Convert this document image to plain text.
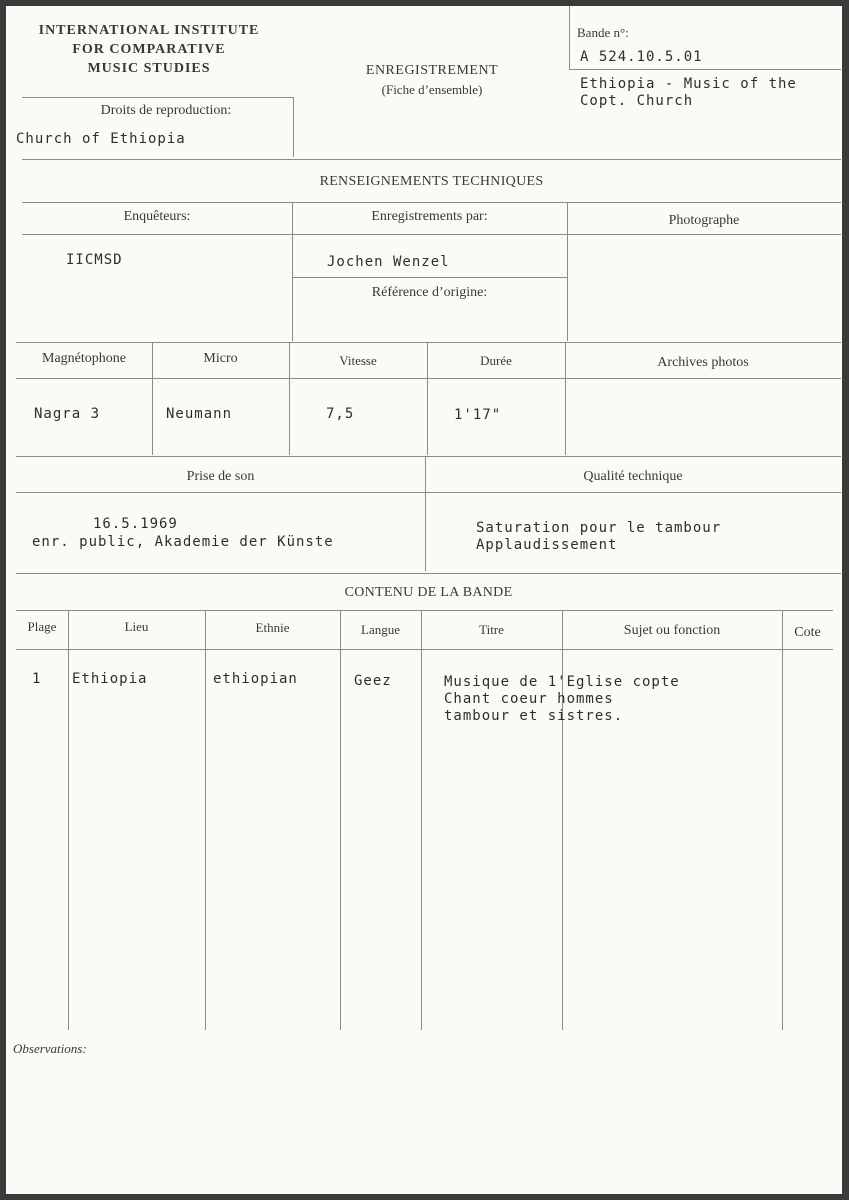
INTERNATIONAL INSTITUTE
FOR COMPARATIVE
MUSIC STUDIES	ENREGISTREMENT
(Fiche d’ensemble)
Bande n°:
A 524.10.5.01
Ethiopia - Music of the
Copt. Church
Droits de reproduction:
Church of Ethiopia
RENSEIGNEMENTS TECHNIQUES
Enquêteurs:	Enregistrements par:	Photographe
IICMSD	Jochen Wenzel
Référence d’origine:
Magnétophone	Micro	Vitesse	Durée	Archives photos
Nagra 3	Neumann	7,5	1'17"
Prise de son	Qualité technique
16.5.1969
enr. public, Akademie der Künste
Saturation pour le tambour
Applaudissement
CONTENU DE LA BANDE
Plage	Lieu	Ethnie	Langue	Titre	Sujet ou fonction	Cote
1 Ethiopia	ethiopian	Geez	Musique de 1'Eglise copte
Chant coeur hommes
tambour et sistres.
Observations:
